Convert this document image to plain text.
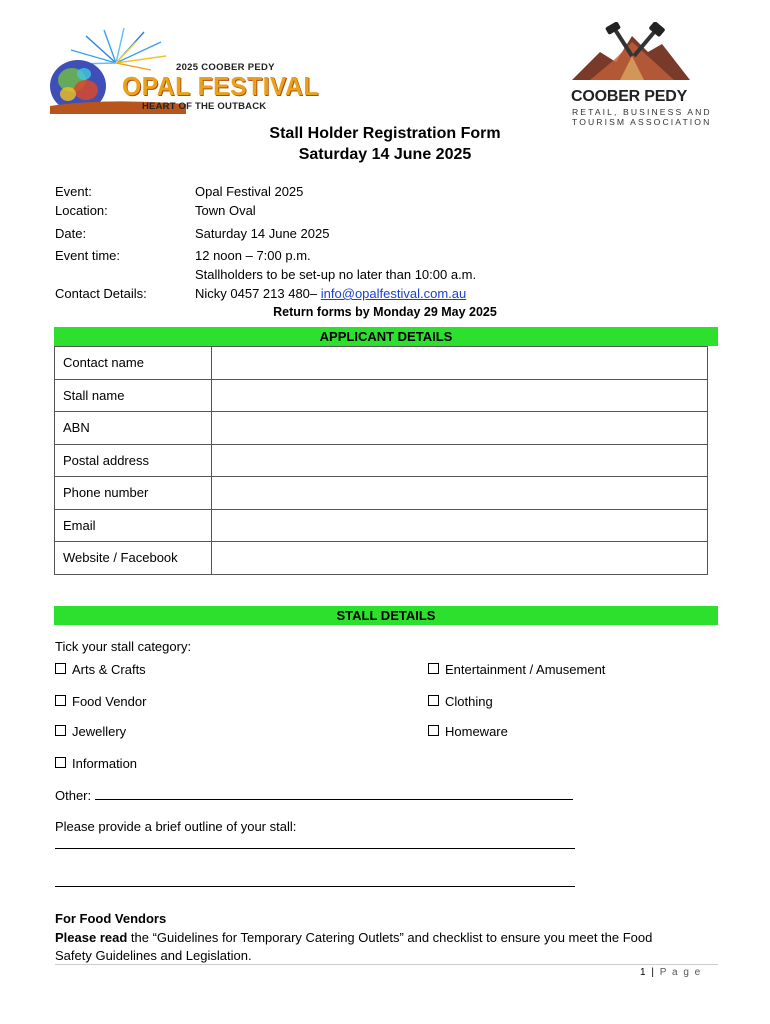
2025 COOBER PEDY
OPAL FESTIVAL
HEART OF THE OUTBACK
COOBER PEDY
RETAIL, BUSINESS AND
TOURISM ASSOCIATION
Stall Holder Registration Form
Saturday 14 June 2025
Event:	Opal Festival 2025
Location:	Town Oval
Date:	Saturday 14 June 2025
Event time:	12 noon – 7:00 p.m.
Stallholders to be set-up no later than 10:00 a.m.
Contact Details:	Nicky 0457 213 480– info@opalfestival.com.au
Return forms by Monday 29 May 2025
APPLICANT DETAILS
Contact name	
Stall name	
ABN	
Postal address	
Phone number	
Email	
Website / Facebook	
STALL DETAILS
Tick your stall category:
Arts & Crafts	Entertainment / Amusement
Food Vendor	Clothing
Jewellery	Homeware
Information
Other:
Please provide a brief outline of your stall:
For Food Vendors
Please read the “Guidelines for Temporary Catering Outlets” and checklist to ensure you meet the Food
Safety Guidelines and Legislation.
1 | P a g e
